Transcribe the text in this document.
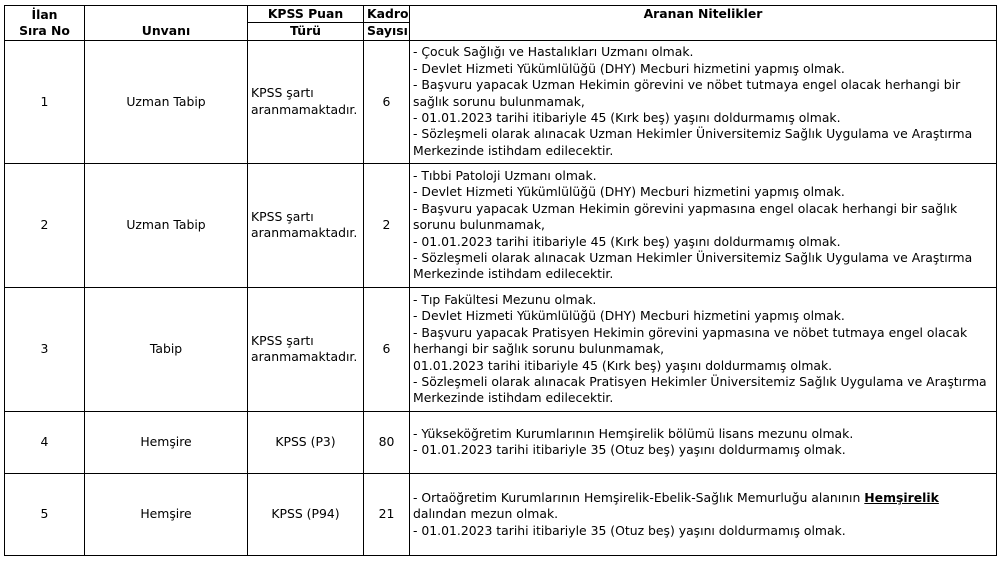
İlan
Sıra No	Unvanı	KPSS Puan	Kadro	Aranan Nitelikler
		Türü	Sayısı	
1	Uzman Tabip	KPSS şartı aranmamaktadır.	6	- Çocuk Sağlığı ve Hastalıkları Uzmanı olmak.
- Devlet Hizmeti Yükümlülüğü (DHY) Mecburi hizmetini yapmış olmak.
- Başvuru yapacak Uzman Hekimin görevini ve nöbet tutmaya engel olacak herhangi bir sağlık sorunu bulunmamak,
- 01.01.2023 tarihi itibariyle 45 (Kırk beş) yaşını doldurmamış olmak.
- Sözleşmeli olarak alınacak Uzman Hekimler Üniversitemiz Sağlık Uygulama ve Araştırma Merkezinde istihdam edilecektir.

2	Uzman Tabip	KPSS şartı aranmamaktadır.	2	- Tıbbi Patoloji Uzmanı olmak.
- Devlet Hizmeti Yükümlülüğü (DHY) Mecburi hizmetini yapmış olmak.
- Başvuru yapacak Uzman Hekimin görevini yapmasına engel olacak herhangi bir sağlık sorunu bulunmamak,
- 01.01.2023 tarihi itibariyle 45 (Kırk beş) yaşını doldurmamış olmak.
- Sözleşmeli olarak alınacak Uzman Hekimler Üniversitemiz Sağlık Uygulama ve Araştırma Merkezinde istihdam edilecektir.

3	Tabip	KPSS şartı aranmamaktadır.	6	- Tıp Fakültesi Mezunu olmak.
- Devlet Hizmeti Yükümlülüğü (DHY) Mecburi hizmetini yapmış olmak.
- Başvuru yapacak Pratisyen Hekimin görevini yapmasına ve nöbet tutmaya engel olacak herhangi bir sağlık sorunu bulunmamak,
01.01.2023 tarihi itibariyle 45 (Kırk beş) yaşını doldurmamış olmak.
- Sözleşmeli olarak alınacak Pratisyen Hekimler Üniversitemiz Sağlık Uygulama ve Araştırma Merkezinde istihdam edilecektir.

4	Hemşire	KPSS (P3)	80	- Yükseköğretim Kurumlarının Hemşirelik bölümü lisans mezunu olmak.
- 01.01.2023 tarihi itibariyle 35 (Otuz beş) yaşını doldurmamış olmak.

5	Hemşire	KPSS (P94)	21	- Ortaöğretim Kurumlarının Hemşirelik-Ebelik-Sağlık Memurluğu alanının Hemşirelik dalından mezun olmak.
- 01.01.2023 tarihi itibariyle 35 (Otuz beş) yaşını doldurmamış olmak.
